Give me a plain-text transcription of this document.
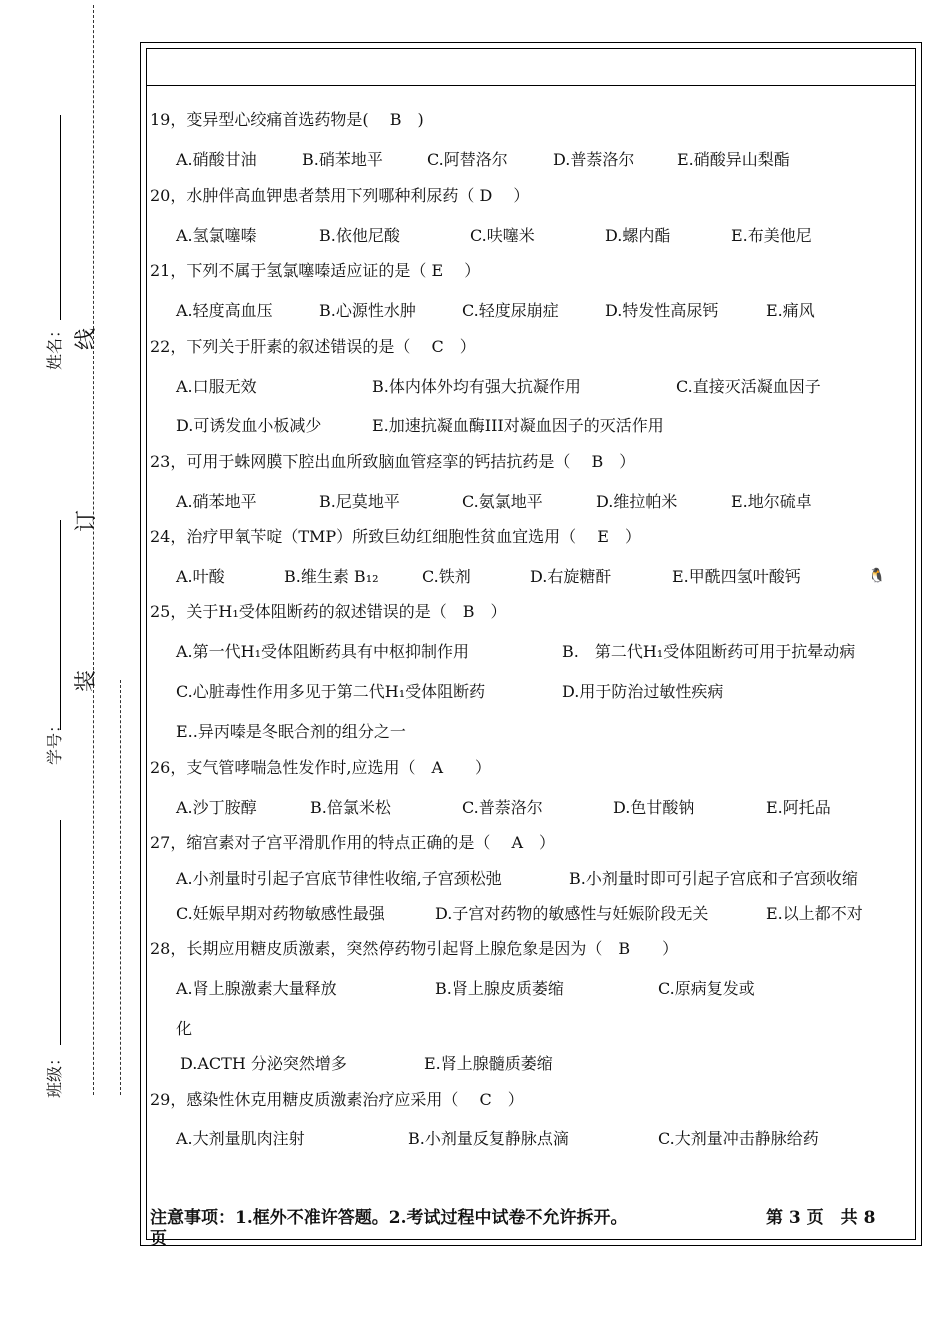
线
订
装
姓名：
学号：
班级：
19，变异型心绞痛首选药物是(　 B　)
A.硝酸甘油	B.硝苯地平	C.阿替洛尔	D.普萘洛尔	E.硝酸异山梨酯
20，水肿伴高血钾患者禁用下列哪种利尿药（ D　 ）
A.氢氯噻嗪	B.依他尼酸	C.呋噻米	D.螺内酯	E.布美他尼
21，下列不属于氢氯噻嗪适应证的是（ E　 ）
A.轻度高血压	B.心源性水肿	C.轻度尿崩症	D.特发性高尿钙	E.痛风
22，下列关于肝素的叙述错误的是（　 C　）
A.口服无效	B.体内体外均有强大抗凝作用	C.直接灭活凝血因子
D.可诱发血小板减少	E.加速抗凝血酶III对凝血因子的灭活作用
23，可用于蛛网膜下腔出血所致脑血管痉挛的钙拮抗药是（　 B　）
A.硝苯地平	B.尼莫地平	C.氨氯地平	D.维拉帕米	E.地尔硫卓
24，治疗甲氧苄啶（TMP）所致巨幼红细胞性贫血宜选用（　 E　）
A.叶酸	B.维生素 B₁₂	C.铁剂	D.右旋糖酐	E.甲酰四氢叶酸钙
25，关于H₁受体阻断药的叙述错误的是（　B　）
A.第一代H₁受体阻断药具有中枢抑制作用	B.　第二代H₁受体阻断药可用于抗晕动病
C.心脏毒性作用多见于第二代H₁受体阻断药	D.用于防治过敏性疾病
E..异丙嗪是冬眠合剂的组分之一
26，支气管哮喘急性发作时,应选用（　A　　）
A.沙丁胺醇	B.倍氯米松	C.普萘洛尔	D.色甘酸钠	E.阿托品
27，缩宫素对子宫平滑肌作用的特点正确的是（　 A　）
A.小剂量时引起子宫底节律性收缩,子宫颈松弛	B.小剂量时即可引起子宫底和子宫颈收缩
C.妊娠早期对药物敏感性最强	D.子宫对药物的敏感性与妊娠阶段无关	E.以上都不对
28，长期应用糖皮质激素，突然停药物引起肾上腺危象是因为（　B　　）
A.肾上腺激素大量释放	B.肾上腺皮质萎缩	C.原病复发或
化
D.ACTH 分泌突然增多	E.肾上腺髓质萎缩
29，感染性休克用糖皮质激素治疗应采用（　 C　）
A.大剂量肌肉注射	B.小剂量反复静脉点滴	C.大剂量冲击静脉给药
🐧
注意事项：1.框外不准许答题。2.考试过程中试卷不允许拆开。	第 3 页　共 8
页
